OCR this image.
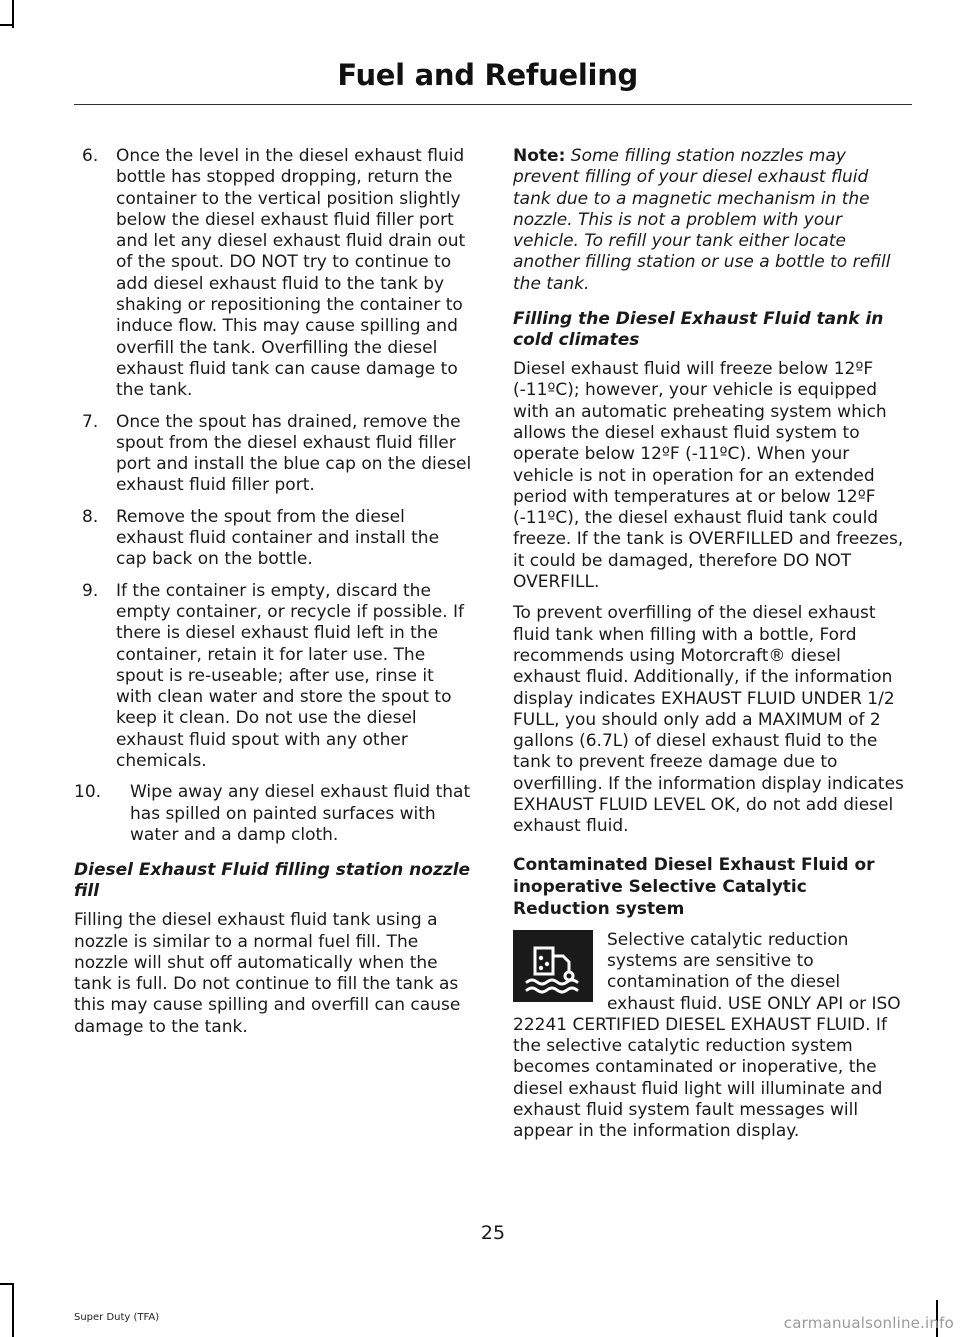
Fuel and Refueling
6. Once the level in the diesel exhaust fluid bottle has stopped dropping, return the container to the vertical position slightly below the diesel exhaust fluid filler port and let any diesel exhaust fluid drain out of the spout. DO NOT try to continue to add diesel exhaust fluid to the tank by shaking or repositioning the container to induce flow. This may cause spilling and overfill the tank. Overfilling the diesel exhaust fluid tank can cause damage to the tank.
7. Once the spout has drained, remove the spout from the diesel exhaust fluid filler port and install the blue cap on the diesel exhaust fluid filler port.
8. Remove the spout from the diesel exhaust fluid container and install the cap back on the bottle.
9. If the container is empty, discard the empty container, or recycle if possible. If there is diesel exhaust fluid left in the container, retain it for later use. The spout is re-useable; after use, rinse it with clean water and store the spout to keep it clean. Do not use the diesel exhaust fluid spout with any other chemicals.
10. Wipe away any diesel exhaust fluid that has spilled on painted surfaces with water and a damp cloth.
Diesel Exhaust Fluid filling station nozzle fill

Filling the diesel exhaust fluid tank using a nozzle is similar to a normal fuel fill. The nozzle will shut off automatically when the tank is full. Do not continue to fill the tank as this may cause spilling and overfill can cause damage to the tank.

Note: Some filling station nozzles may prevent filling of your diesel exhaust fluid tank due to a magnetic mechanism in the nozzle. This is not a problem with your vehicle. To refill your tank either locate another filling station or use a bottle to refill the tank.

Filling the Diesel Exhaust Fluid tank in cold climates

Diesel exhaust fluid will freeze below 12ºF (-11ºC); however, your vehicle is equipped with an automatic preheating system which allows the diesel exhaust fluid system to operate below 12ºF (-11ºC). When your vehicle is not in operation for an extended period with temperatures at or below 12ºF (-11ºC), the diesel exhaust fluid tank could freeze. If the tank is OVERFILLED and freezes, it could be damaged, therefore DO NOT OVERFILL.

To prevent overfilling of the diesel exhaust fluid tank when filling with a bottle, Ford recommends using Motorcraft® diesel exhaust fluid. Additionally, if the information display indicates EXHAUST FLUID UNDER 1/2 FULL, you should only add a MAXIMUM of 2 gallons (6.7L) of diesel exhaust fluid to the tank to prevent freeze damage due to overfilling. If the information display indicates EXHAUST FLUID LEVEL OK, do not add diesel exhaust fluid.

Contaminated Diesel Exhaust Fluid or inoperative Selective Catalytic Reduction system

Selective catalytic reduction systems are sensitive to contamination of the diesel exhaust fluid. USE ONLY API or ISO 22241 CERTIFIED DIESEL EXHAUST FLUID. If the selective catalytic reduction system becomes contaminated or inoperative, the diesel exhaust fluid light will illuminate and exhaust fluid system fault messages will appear in the information display.

25
Super Duty (TFA)	carmanualsonline.info
